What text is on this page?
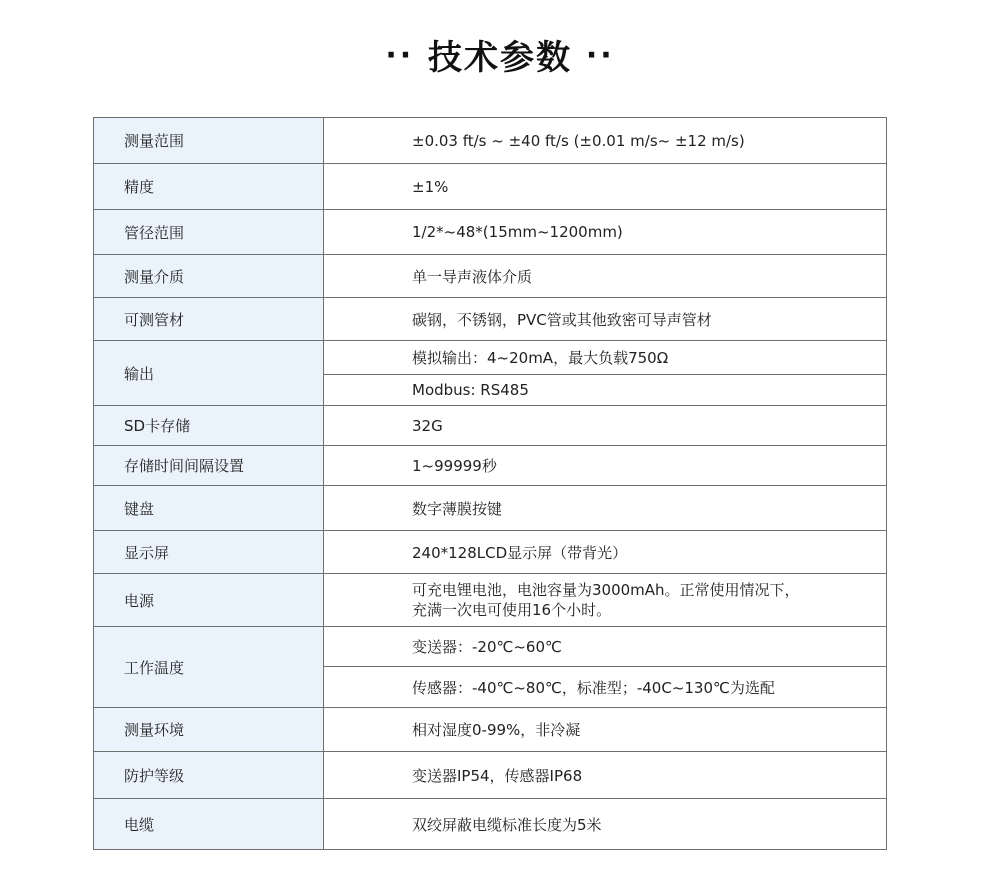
·· 技术参数 ··
测量范围	±0.03 ft/s ~ ±40 ft/s (±0.01 m/s~ ±12 m/s)
精度	±1%
管径范围	1/2*~48*(15mm~1200mm)
测量介质	单一导声液体介质
可测管材	碳钢，不锈钢，PVC管或其他致密可导声管材
输出	模拟输出：4~20mA，最大负载750Ω
	Modbus: RS485
SD卡存储	32G
存储时间间隔设置	1~99999秒
键盘	数字薄膜按键
显示屏	240*128LCD显示屏（带背光）
电源	可充电锂电池，电池容量为3000mAh。正常使用情况下，
充满一次电可使用16个小时。

工作温度	变送器：-20℃~60℃
	传感器：-40℃~80℃，标准型；-40C~130℃为选配
测量环境	相对湿度0-99%，非冷凝
防护等级	变送器IP54，传感器IP68
电缆	双绞屏蔽电缆标准长度为5米
